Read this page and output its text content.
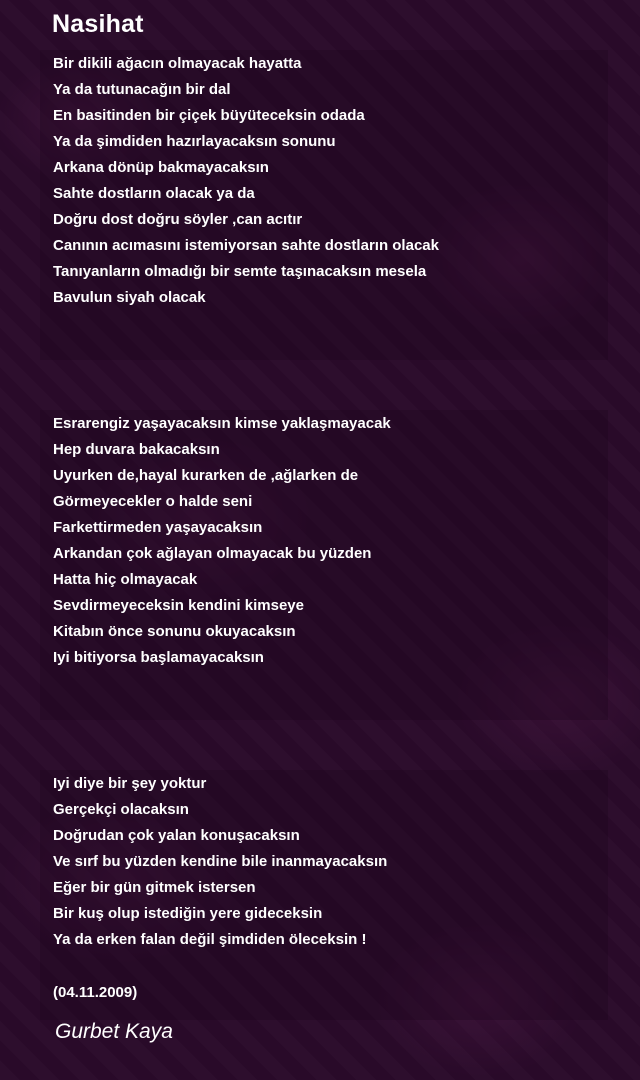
Nasihat
Bir dikili ağacın olmayacak hayatta
Ya da tutunacağın bir dal
En basitinden bir çiçek büyüteceksin odada
Ya da şimdiden hazırlayacaksın sonunu
Arkana dönüp bakmayacaksın
Sahte dostların olacak ya da
Doğru dost doğru söyler ,can acıtır
Canının acımasını istemiyorsan sahte dostların olacak
Tanıyanların olmadığı bir semte taşınacaksın mesela
Bavulun siyah olacak
Esrarengiz yaşayacaksın kimse yaklaşmayacak
Hep duvara bakacaksın
Uyurken de,hayal kurarken de ,ağlarken de
Görmeyecekler o halde seni
Farkettirmeden yaşayacaksın
Arkandan çok ağlayan olmayacak bu yüzden
Hatta hiç olmayacak
Sevdirmeyeceksin kendini kimseye
Kitabın önce sonunu okuyacaksın
Iyi bitiyorsa başlamayacaksın
Iyi diye bir şey yoktur
Gerçekçi olacaksın
Doğrudan çok yalan konuşacaksın
Ve sırf bu yüzden kendine bile inanmayacaksın
Eğer bir gün gitmek istersen
Bir kuş olup istediğin yere gideceksin
Ya da erken falan değil şimdiden öleceksin !
(04.11.2009)
Gurbet Kaya
